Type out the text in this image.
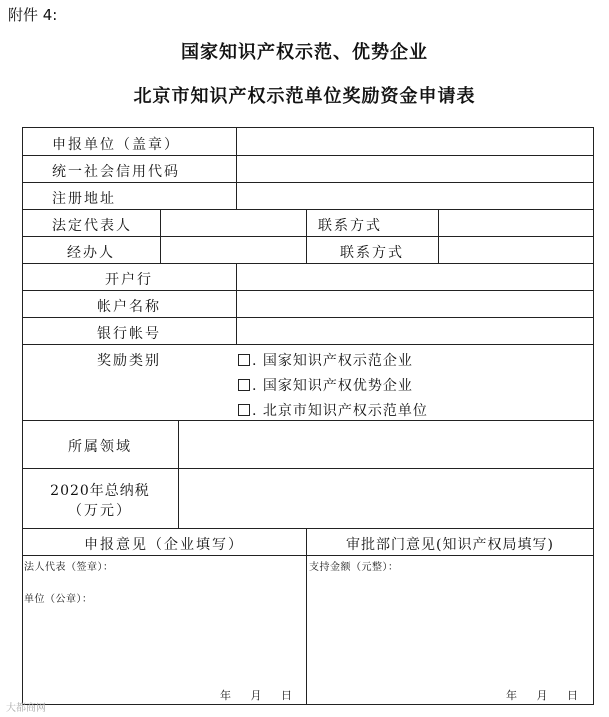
附件 4:
国家知识产权示范、优势企业
北京市知识产权示范单位奖励资金申请表
申报单位（盖章）
统一社会信用代码
注册地址
法定代表人	联系方式
经办人	联系方式
开户行
帐户名称
银行帐号
奖励类别	. 国家知识产权示范企业
. 国家知识产权优势企业
. 北京市知识产权示范单位
所属领域
2020年总纳税
（万元）
申报意见（企业填写）	审批部门意见(知识产权局填写)
法人代表（签章）：
单位（公章）：
支持金额（元整）：
年 月 日	年 月 日
大都商网
